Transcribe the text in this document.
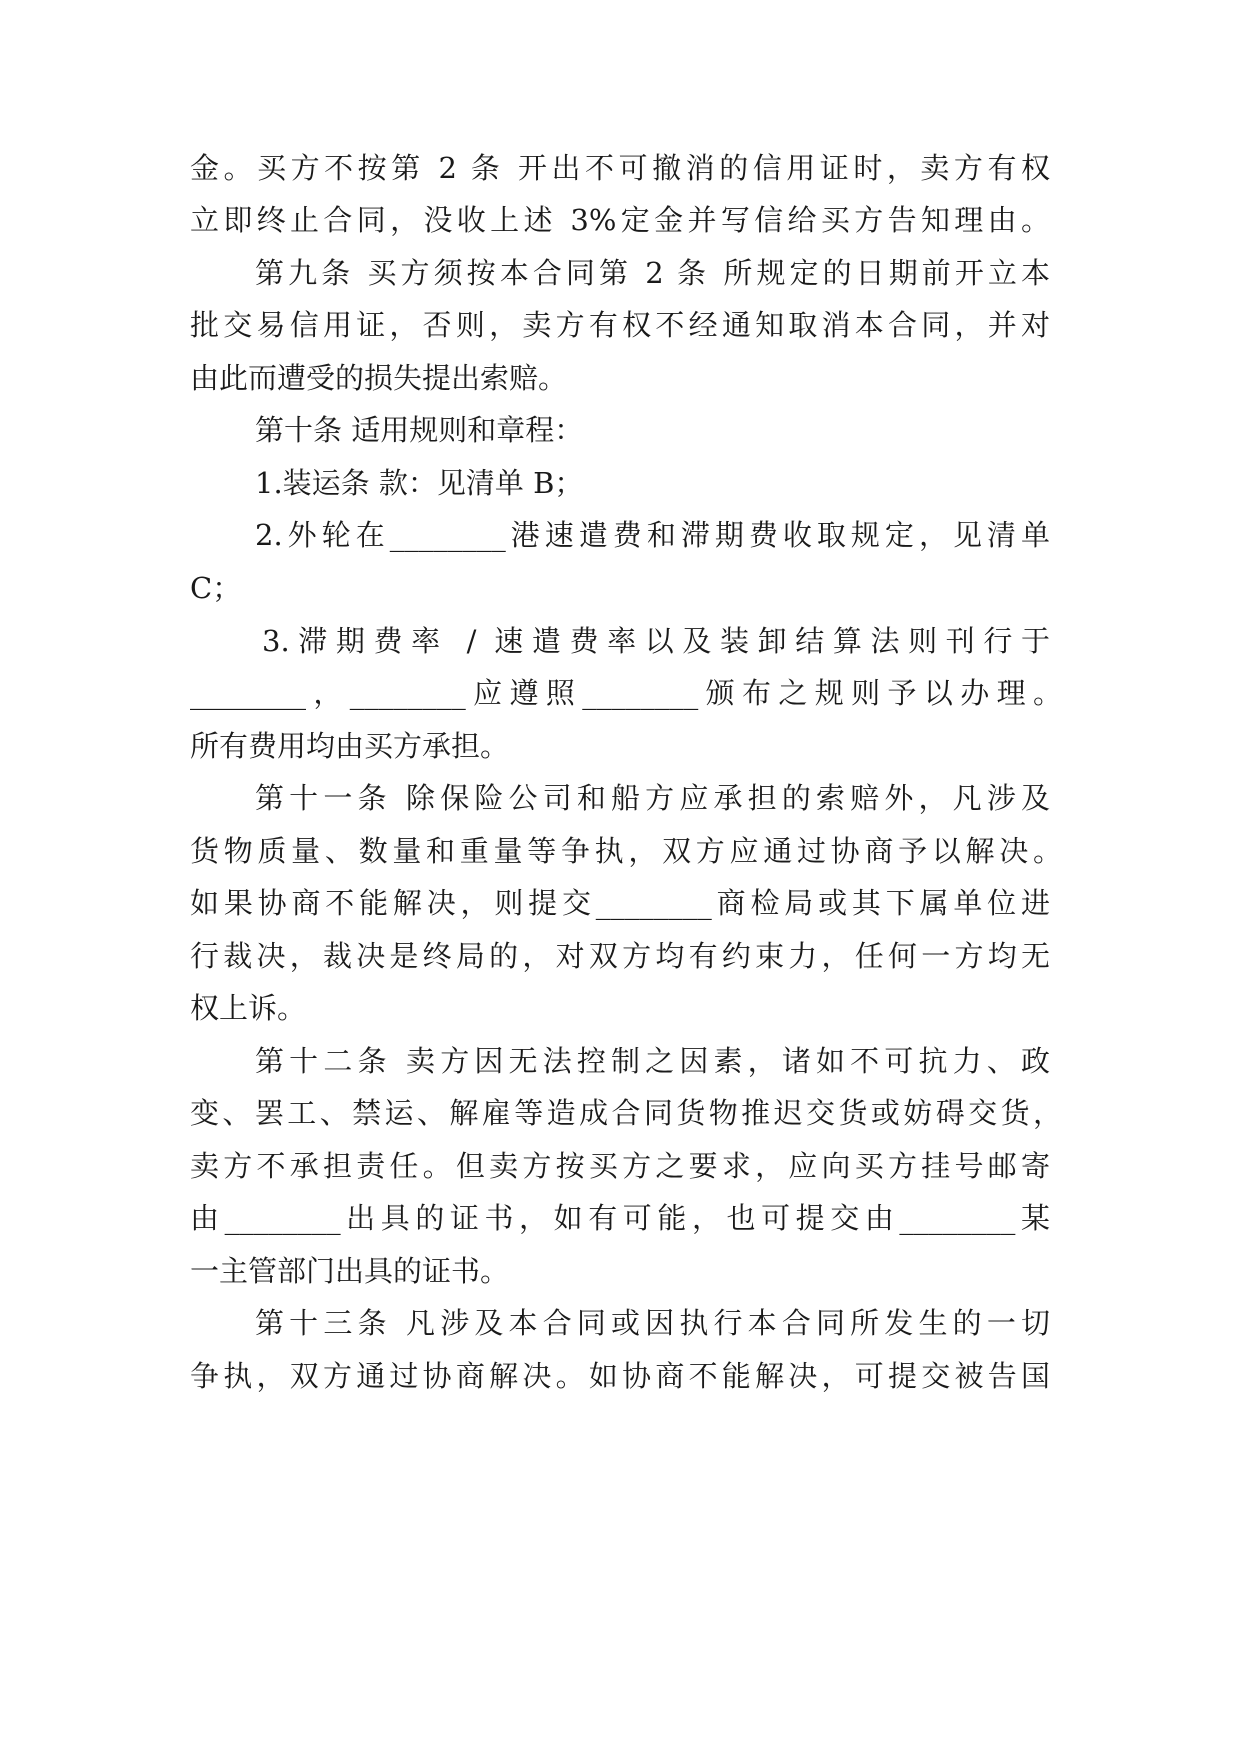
金。买方不按第 2 条 开出不可撤消的信用证时，卖方有权
立即终止合同，没收上述 3%定金并写信给买方告知理由。
第九条 买方须按本合同第 2 条 所规定的日期前开立本
批交易信用证，否则，卖方有权不经通知取消本合同，并对
由此而遭受的损失提出索赔。
第十条 适用规则和章程：
1.装运条 款：见清单 B；
2.外轮在________港速遣费和滞期费收取规定，见清单
C；
3.滞期费率 / 速遣费率以及装卸结算法则刊行于
________，________应遵照________颁布之规则予以办理。
所有费用均由买方承担。
第十一条 除保险公司和船方应承担的索赔外，凡涉及
货物质量、数量和重量等争执，双方应通过协商予以解决。
如果协商不能解决，则提交________商检局或其下属单位进
行裁决，裁决是终局的，对双方均有约束力，任何一方均无
权上诉。
第十二条 卖方因无法控制之因素，诸如不可抗力、政
变、罢工、禁运、解雇等造成合同货物推迟交货或妨碍交货，
卖方不承担责任。但卖方按买方之要求，应向买方挂号邮寄
由________出具的证书，如有可能，也可提交由________某
一主管部门出具的证书。
第十三条 凡涉及本合同或因执行本合同所发生的一切
争执，双方通过协商解决。如协商不能解决，可提交被告国
